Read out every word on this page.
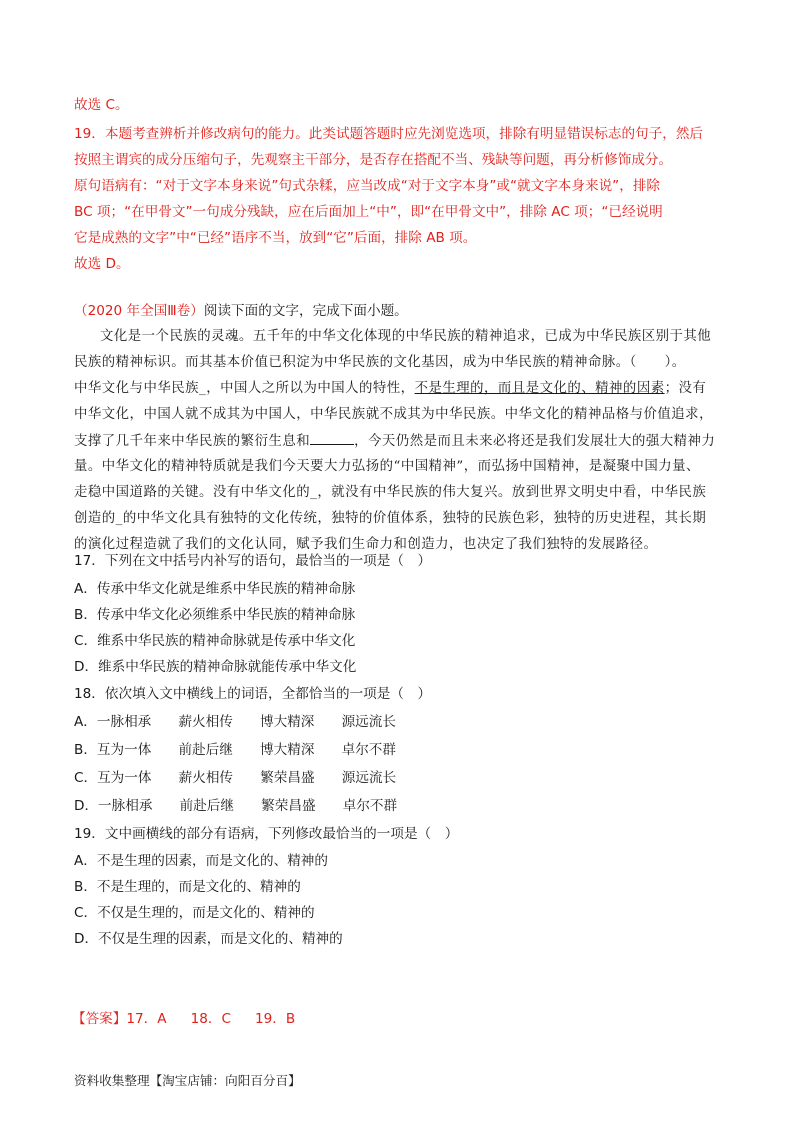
故选 C。
19．本题考查辨析并修改病句的能力。此类试题答题时应先浏览选项，排除有明显错误标志的句子，然后
按照主谓宾的成分压缩句子，先观察主干部分，是否存在搭配不当、残缺等问题，再分析修饰成分。
原句语病有：“对于文字本身来说”句式杂糅，应当改成“对于文字本身”或“就文字本身来说”，排除
BC 项；“在甲骨文”一句成分残缺，应在后面加上“中”，即“在甲骨文中”，排除 AC 项；“已经说明
它是成熟的文字”中“已经”语序不当，放到“它”后面，排除 AB 项。
故选 D。
（2020 年全国Ⅲ卷）阅读下面的文字，完成下面小题。
文化是一个民族的灵魂。五千年的中华文化体现的中华民族的精神追求，已成为中华民族区别于其他
民族的精神标识。而其基本价值已积淀为中华民族的文化基因，成为中华民族的精神命脉。（　　）。
中华文化与中华民族_，中国人之所以为中国人的特性，不是生理的，而且是文化的、精神的因素；没有
中华文化，中国人就不成其为中国人，中华民族就不成其为中华民族。中华文化的精神品格与价值追求，
支撑了几千年来中华民族的繁衍生息和	，今天仍然是而且未来必将还是我们发展壮大的强大精神力
量。中华文化的精神特质就是我们今天要大力弘扬的“中国精神”，而弘扬中国精神，是凝聚中国力量、
走稳中国道路的关键。没有中华文化的_，就没有中华民族的伟大复兴。放到世界文明史中看，中华民族
创造的_的中华文化具有独特的文化传统，独特的价值体系，独特的民族色彩，独特的历史进程，其长期
的演化过程造就了我们的文化认同，赋予我们生命力和创造力，也决定了我们独特的发展路径。
17．下列在文中括号内补写的语句，最恰当的一项是（　）
A．传承中华文化就是维系中华民族的精神命脉
B．传承中华文化必须维系中华民族的精神命脉
C．维系中华民族的精神命脉就是传承中华文化
D．维系中华民族的精神命脉就能传承中华文化
18．依次填入文中横线上的词语，全都恰当的一项是（　）
A．一脉相承　　薪火相传　　博大精深　　源远流长
B．互为一体　　前赴后继　　博大精深　　卓尔不群
C．互为一体　　薪火相传　　繁荣昌盛　　源远流长
D．一脉相承　　前赴后继　　繁荣昌盛　　卓尔不群
19．文中画横线的部分有语病，下列修改最恰当的一项是（　）
A．不是生理的因素，而是文化的、精神的
B．不是生理的，而是文化的、精神的
C．不仅是生理的，而是文化的、精神的
D．不仅是生理的因素，而是文化的、精神的
【答案】17．A 18．C 19．B
资料收集整理【淘宝店铺：向阳百分百】
